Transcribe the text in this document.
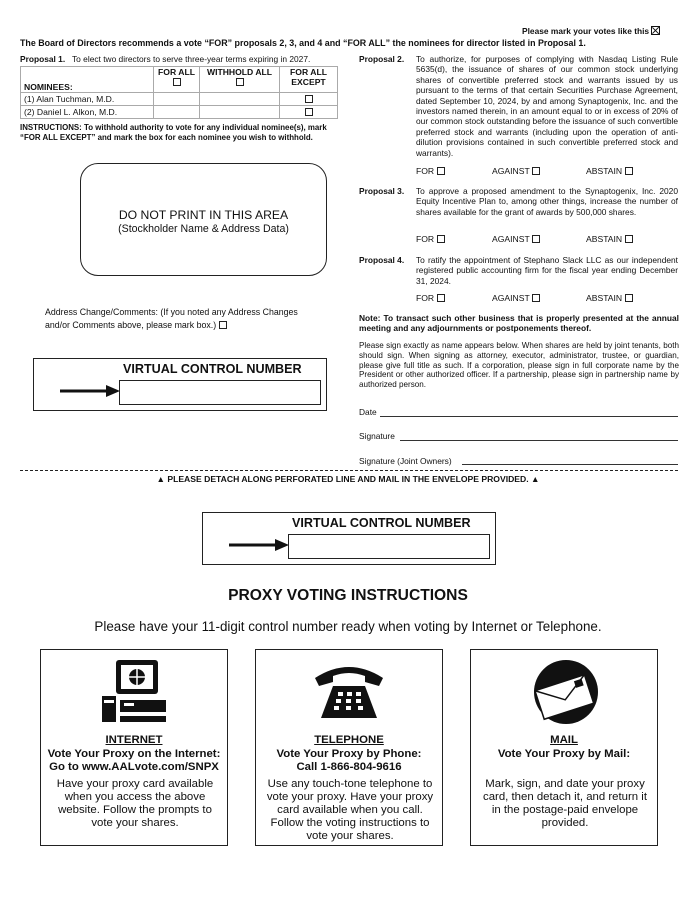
Please mark your votes like this
The Board of Directors recommends a vote “FOR” proposals 2, 3, and 4 and “FOR ALL” the nominees for director listed in Proposal 1.
Proposal 1. To elect two directors to serve three-year terms expiring in 2027.
NOMINEES:	FOR ALL	WITHHOLD ALL	FOR ALL
EXCEPT

(1) Alan Tuchman, M.D.			
(2) Daniel L. Alkon, M.D.			
INSTRUCTIONS: To withhold authority to vote for any individual nominee(s), mark “FOR ALL EXCEPT” and mark the box for each nominee you wish to withhold.
DO NOT PRINT IN THIS AREA
(Stockholder Name & Address Data)
Address Change/Comments: (If you noted any Address Changes
and/or Comments above, please mark box.)
VIRTUAL CONTROL NUMBER
Proposal 2. To authorize, for purposes of complying with Nasdaq Listing Rule 5635(d), the issuance of shares of our common stock underlying shares of convertible preferred stock and warrants issued by us pursuant to the terms of that certain Securities Purchase Agreement, dated September 10, 2024, by and among Synaptogenix, Inc. and the investors named therein, in an amount equal to or in excess of 20% of our common stock outstanding before the issuance of such convertible preferred stock and warrants (including upon the operation of anti-dilution provisions contained in such convertible preferred stock and warrants).
FOR	AGAINST	ABSTAIN
Proposal 3. To approve a proposed amendment to the Synaptogenix, Inc. 2020 Equity Incentive Plan to, among other things, increase the number of shares available for the grant of awards by 500,000 shares.
FOR	AGAINST	ABSTAIN
Proposal 4. To ratify the appointment of Stephano Slack LLC as our independent registered public accounting firm for the fiscal year ending December 31, 2024.
FOR	AGAINST	ABSTAIN
Note: To transact such other business that is properly presented at the annual meeting and any adjournments or postponements thereof.
Please sign exactly as name appears below. When shares are held by joint tenants, both should sign. When signing as attorney, executor, administrator, trustee, or guardian, please give full title as such. If a corporation, please sign in full corporate name by the President or other authorized officer. If a partnership, please sign in partnership name by authorized person.
Date
Signature
Signature (Joint Owners)
▲ PLEASE DETACH ALONG PERFORATED LINE AND MAIL IN THE ENVELOPE PROVIDED. ▲
VIRTUAL CONTROL NUMBER
PROXY VOTING INSTRUCTIONS
Please have your 11-digit control number ready when voting by Internet or Telephone.
INTERNET
Vote Your Proxy on the Internet:
Go to www.AALvote.com/SNPX
Have your proxy card available when you access the above website. Follow the prompts to vote your shares.
TELEPHONE
Vote Your Proxy by Phone:
Call 1-866-804-9616
Use any touch-tone telephone to vote your proxy. Have your proxy card available when you call. Follow the voting instructions to vote your shares.
MAIL
Vote Your Proxy by Mail:
Mark, sign, and date your proxy card, then detach it, and return it in the postage-paid envelope provided.
